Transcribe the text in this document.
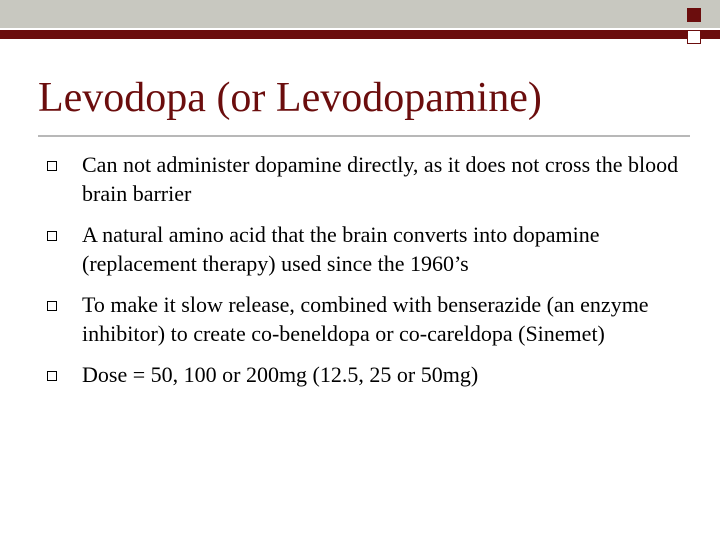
Levodopa (or Levodopamine)
Can not administer dopamine directly, as it does not cross the blood brain barrier
A natural amino acid that the brain converts into dopamine (replacement therapy) used since the 1960’s
To make it slow release, combined with benserazide (an enzyme inhibitor) to create co-beneldopa or co-careldopa (Sinemet)
Dose = 50, 100 or 200mg (12.5, 25 or 50mg)
